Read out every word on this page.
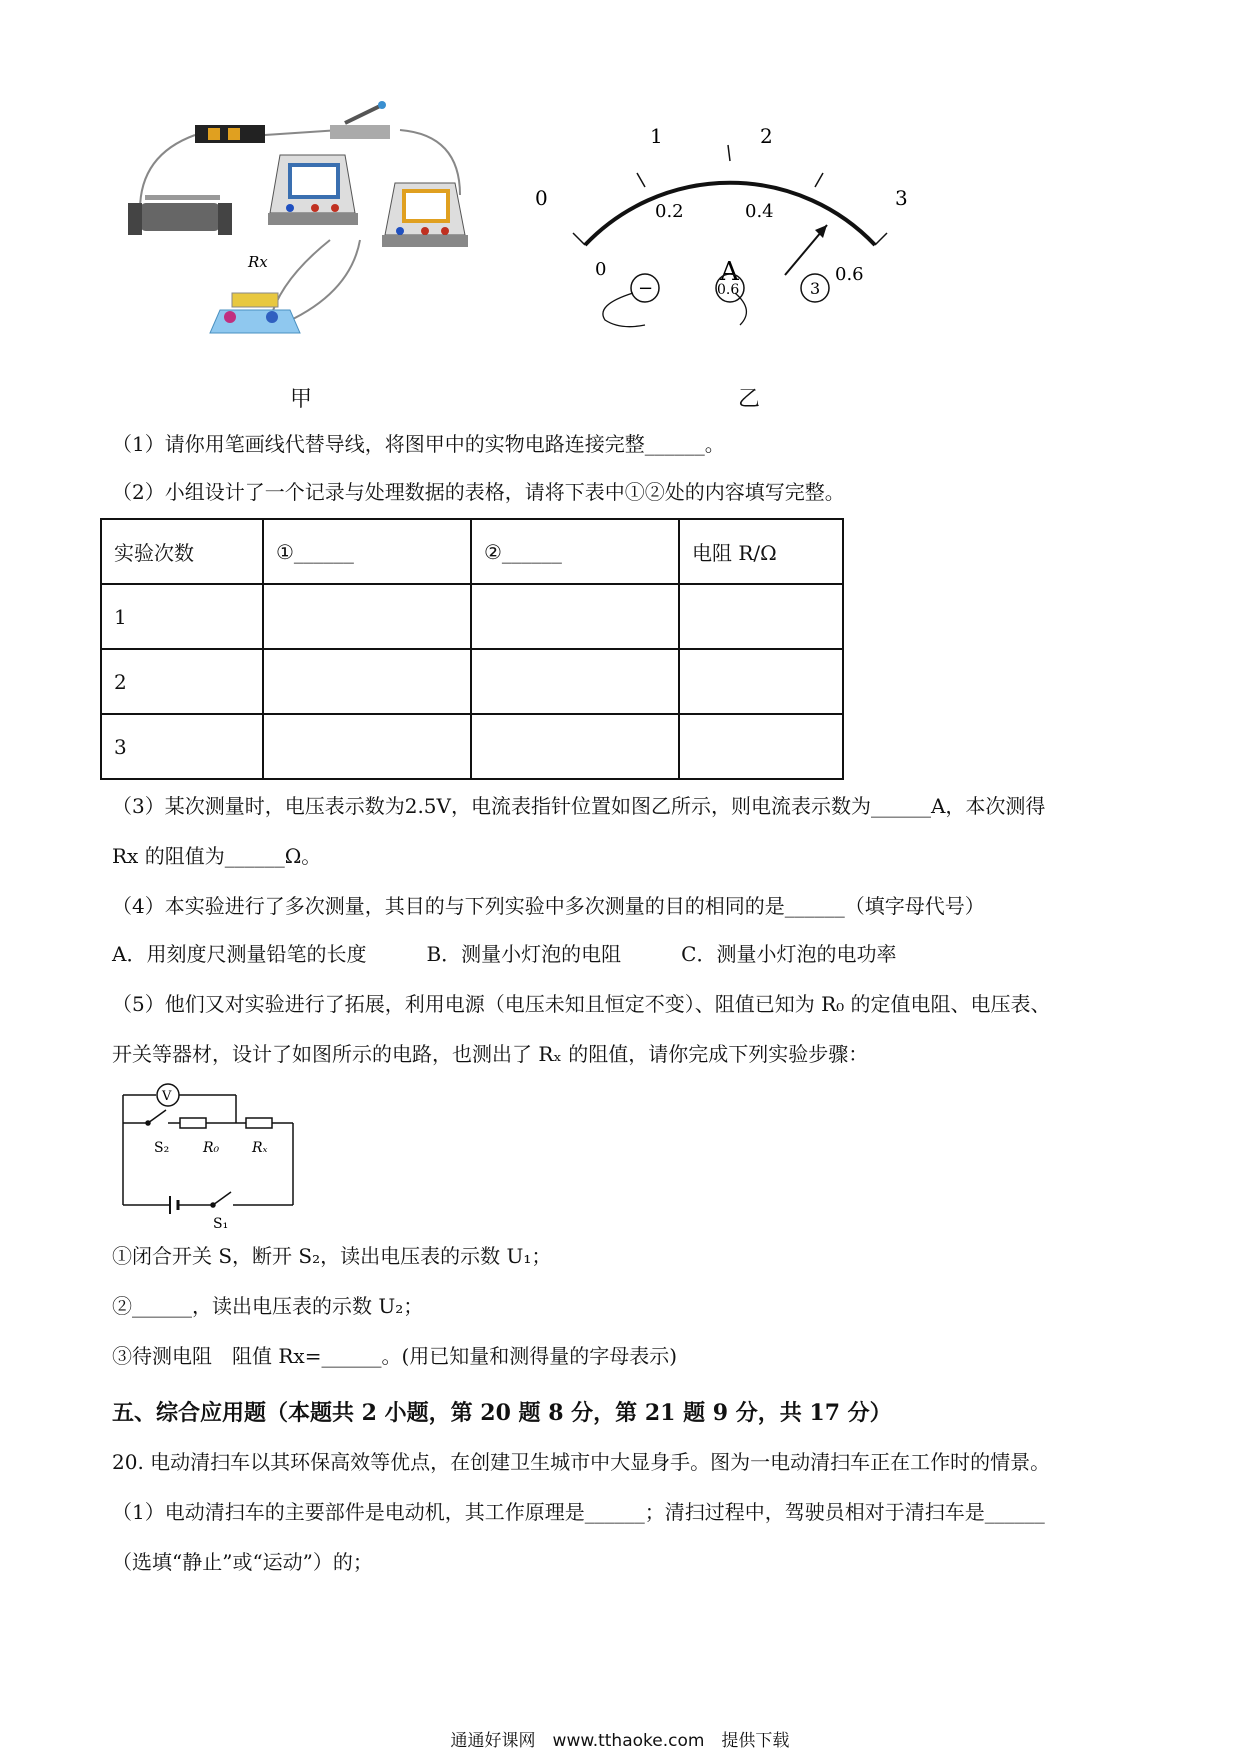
Rx
0
1	2
3
0
0.2	0.4
0.6
A
−	0.6	3
甲	乙
（1）请你用笔画线代替导线，将图甲中的实物电路连接完整______。
（2）小组设计了一个记录与处理数据的表格，请将下表中①②处的内容填写完整。
实验次数	①______	②______	电阻 R/Ω
1			
2			
3			
（3）某次测量时，电压表示数为2.5V，电流表指针位置如图乙所示，则电流表示数为______A，本次测得
Rx 的阻值为______Ω。
（4）本实验进行了多次测量，其目的与下列实验中多次测量的目的相同的是______（填字母代号）
A．用刻度尺测量铅笔的长度　　　B．测量小灯泡的电阻　　　C．测量小灯泡的电功率
（5）他们又对实验进行了拓展，利用电源（电压未知且恒定不变）、阻值已知为 R₀ 的定值电阻、电压表、
开关等器材，设计了如图所示的电路，也测出了 Rₓ 的阻值，请你完成下列实验步骤：
V
S₂ R₀ Rₓ
S₁
①闭合开关 S，断开 S₂，读出电压表的示数 U₁；
②______，读出电压表的示数 U₂；
③待测电阻　阻值 Rx=______。(用已知量和测得量的字母表示)
五、综合应用题（本题共 2 小题，第 20 题 8 分，第 21 题 9 分，共 17 分）
20. 电动清扫车以其环保高效等优点，在创建卫生城市中大显身手。图为一电动清扫车正在工作时的情景。
（1）电动清扫车的主要部件是电动机，其工作原理是______；清扫过程中，驾驶员相对于清扫车是______
（选填“静止”或“运动”）的；
通通好课网　www.tthaoke.com　提供下载
